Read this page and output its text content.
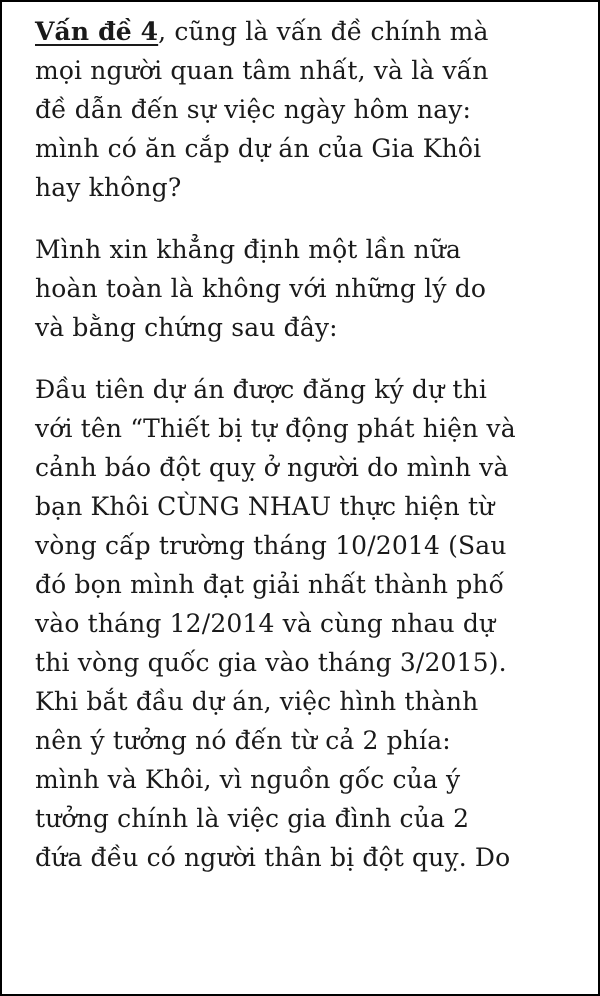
Vấn đề 4, cũng là vấn đề chính mà
mọi người quan tâm nhất, và là vấn
đề dẫn đến sự việc ngày hôm nay:
mình có ăn cắp dự án của Gia Khôi
hay không?
Mình xin khẳng định một lần nữa
hoàn toàn là không với những lý do
và bằng chứng sau đây:
Đầu tiên dự án được đăng ký dự thi
với tên “Thiết bị tự động phát hiện và
cảnh báo đột quỵ ở người do mình và
bạn Khôi CÙNG NHAU thực hiện từ
vòng cấp trường tháng 10/2014 (Sau
đó bọn mình đạt giải nhất thành phố
vào tháng 12/2014 và cùng nhau dự
thi vòng quốc gia vào tháng 3/2015).
Khi bắt đầu dự án, việc hình thành
nên ý tưởng nó đến từ cả 2 phía:
mình và Khôi, vì nguồn gốc của ý
tưởng chính là việc gia đình của 2
đứa đều có người thân bị đột quỵ. Do
